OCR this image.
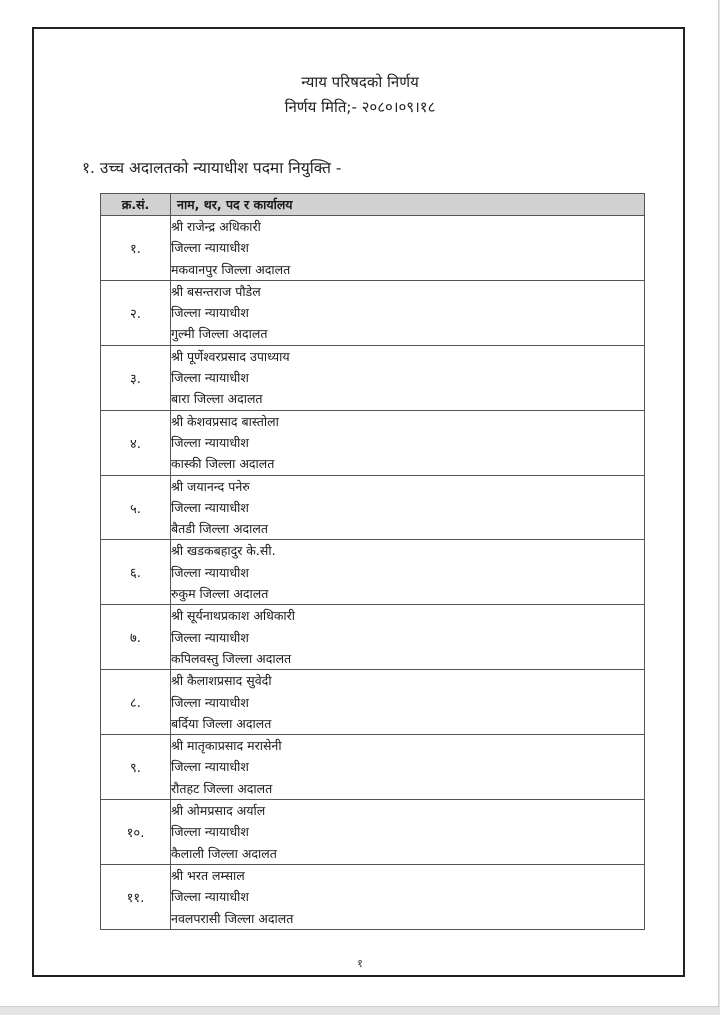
न्याय परिषदको निर्णय
निर्णय मिति;- २०८०।०९।१८
१. उच्च अदालतको न्यायाधीश पदमा नियुक्ति -
क्र.सं.	नाम, थर, पद र कार्यालय
१.	श्री राजेन्द्र अधिकारी
जिल्ला न्यायाधीश
मकवानपुर जिल्ला अदालत

२.	श्री बसन्तराज पौडेल
जिल्ला न्यायाधीश
गुल्मी जिल्ला अदालत

३.	श्री पूर्णेश्वरप्रसाद उपाध्याय
जिल्ला न्यायाधीश
बारा जिल्ला अदालत

४.	श्री केशवप्रसाद बास्तोला
जिल्ला न्यायाधीश
कास्की जिल्ला अदालत

५.	श्री जयानन्द पनेरु
जिल्ला न्यायाधीश
बैतडी जिल्ला अदालत

६.	श्री खडकबहादुर के.सी.
जिल्ला न्यायाधीश
रुकुम जिल्ला अदालत

७.	श्री सूर्यनाथप्रकाश अधिकारी
जिल्ला न्यायाधीश
कपिलवस्तु जिल्ला अदालत

८.	श्री कैलाशप्रसाद सुवेदी
जिल्ला न्यायाधीश
बर्दिया जिल्ला अदालत

९.	श्री मातृकाप्रसाद मरासेनी
जिल्ला न्यायाधीश
रौतहट जिल्ला अदालत

१०.	श्री ओमप्रसाद अर्याल
जिल्ला न्यायाधीश
कैलाली जिल्ला अदालत

११.	श्री भरत लम्साल
जिल्ला न्यायाधीश
नवलपरासी जिल्ला अदालत
१
